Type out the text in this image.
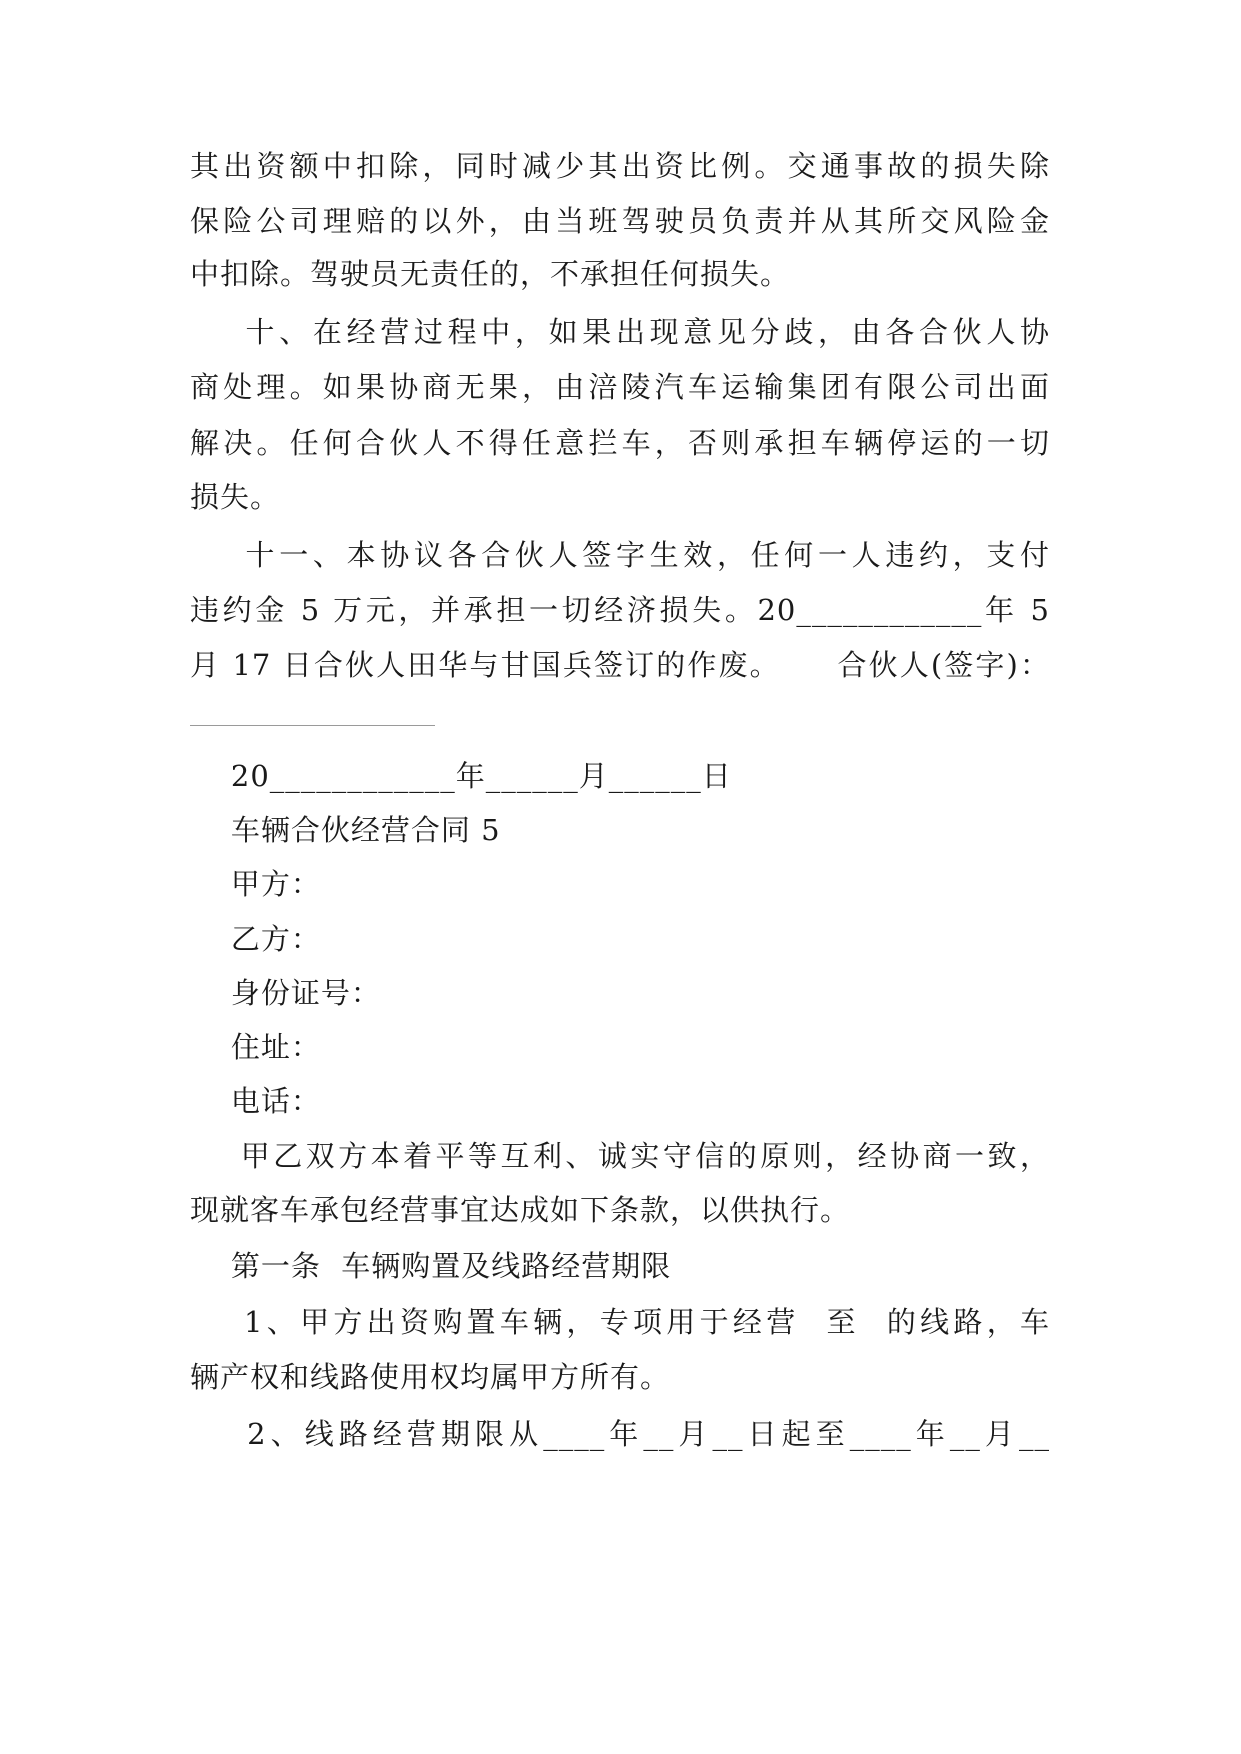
其出资额中扣除，同时减少其出资比例。交通事故的损失除
保险公司理赔的以外，由当班驾驶员负责并从其所交风险金
中扣除。驾驶员无责任的，不承担任何损失。
十、在经营过程中，如果出现意见分歧，由各合伙人协
商处理。如果协商无果，由涪陵汽车运输集团有限公司出面
解决。任何合伙人不得任意拦车，否则承担车辆停运的一切
损失。
十一、本协议各合伙人签字生效，任何一人违约，支付
违约金 5 万元，并承担一切经济损失。20____________年 5
月 17 日合伙人田华与甘国兵签订的作废。     合伙人(签字)：
20____________年______月______日
车辆合伙经营合同 5
甲方：
乙方：
身份证号：
住址：
电话：
甲乙双方本着平等互利、诚实守信的原则，经协商一致，
现就客车承包经营事宜达成如下条款，以供执行。
第一条  车辆购置及线路经营期限
1、甲方出资购置车辆，专项用于经营  至  的线路，车
辆产权和线路使用权均属甲方所有。
2、线路经营期限从____年__月__日起至____年__月__
